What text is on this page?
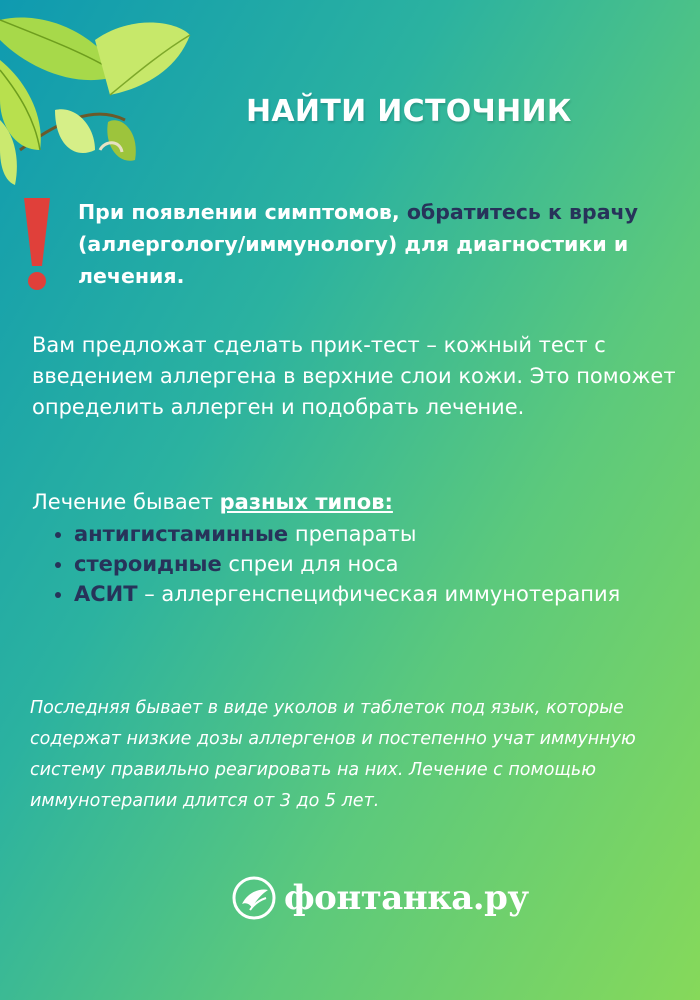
НАЙТИ ИСТОЧНИК
При появлении симптомов, обратитесь к врачу (аллергологу/иммунологу) для диагностики и лечения.
Вам предложат сделать прик-тест – кожный тест с введением аллергена в верхние слои кожи. Это поможет определить аллерген и подобрать лечение.
Лечение бывает разных типов:
• антигистаминные препараты
• стероидные спреи для носа
• АСИТ – аллергенспецифическая иммунотерапия
Последняя бывает в виде уколов и таблеток под язык, которые содержат низкие дозы аллергенов и постепенно учат иммунную систему правильно реагировать на них. Лечение с помощью иммунотерапии длится от 3 до 5 лет.
фонтанка.ру
